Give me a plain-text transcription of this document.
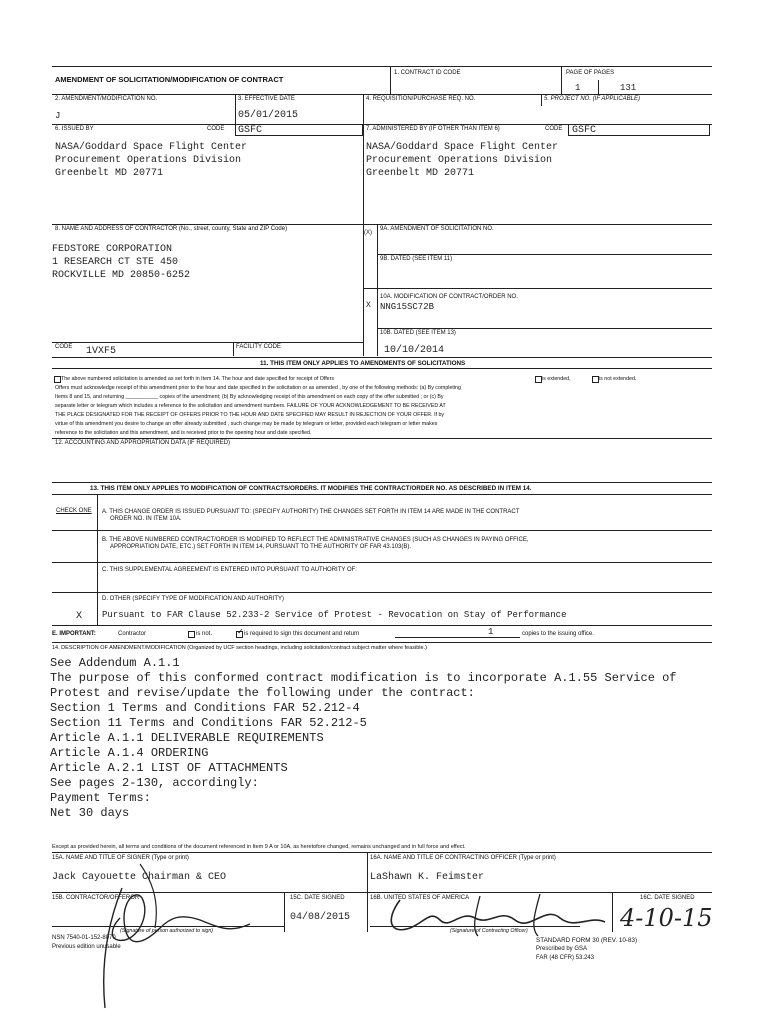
AMENDMENT OF SOLICITATION/MODIFICATION OF CONTRACT
1. CONTRACT ID CODE	PAGE OF PAGES
1	131
2. AMENDMENT/MODIFICATION NO.
J
3. EFFECTIVE DATE
05/01/2015
4. REQUISITION/PURCHASE REQ. NO.	5. PROJECT NO. (IF APPLICABLE)
6. ISSUED BY	CODE GSFC
NASA/Goddard Space Flight Center
Procurement Operations Division
Greenbelt MD 20771
7. ADMINISTERED BY (IF OTHER THAN ITEM 6)	CODE GSFC
NASA/Goddard Space Flight Center
Procurement Operations Division
Greenbelt MD 20771
8. NAME AND ADDRESS OF CONTRACTOR (No., street, county, State and ZIP Code)
FEDSTORE CORPORATION
1 RESEARCH CT STE 450
ROCKVILLE MD 20850-6252
(X)
9A. AMENDMENT OF SOLICITATION NO.
9B. DATED (SEE ITEM 11)
10A. MODIFICATION OF CONTRACT/ORDER NO.
X NNG15SC72B
10B. DATED (SEE ITEM 13)
10/10/2014
CODE 1VXF5	FACILITY CODE
11. THIS ITEM ONLY APPLIES TO AMENDMENTS OF SOLICITATIONS
The above numbered solicitation is amended as set forth in Item 14. The hour and date specified for receipt of Offers	is extended,	is not extended.
Offers must acknowledge receipt of this amendment prior to the hour and date specified in the solicitation or as amended , by one of the following methods: (a) By completing
Items 8 and 15, and returning ___________ copies of the amendment; (b) By acknowledging receipt of this amendment on each copy of the offer submitted ; or (c) By
separate letter or telegram which includes a reference to the solicitation and amendment numbers. FAILURE OF YOUR ACKNOWLEDGEMENT TO BE RECEIVED AT
THE PLACE DESIGNATED FOR THE RECEIPT OF OFFERS PRIOR TO THE HOUR AND DATE SPECIFIED MAY RESULT IN REJECTION OF YOUR OFFER. If by
virtue of this amendment you desire to change an offer already submitted , such change may be made by telegram or letter, provided each telegram or letter makes
reference to the solicitation and this amendment, and is received prior to the opening hour and date specified.
12. ACCOUNTING AND APPROPRIATION DATA (IF REQUIRED)
13. THIS ITEM ONLY APPLIES TO MODIFICATION OF CONTRACTS/ORDERS. IT MODIFIES THE CONTRACT/ORDER NO. AS DESCRIBED IN ITEM 14.
CHECK ONE A. THIS CHANGE ORDER IS ISSUED PURSUANT TO: (SPECIFY AUTHORITY) THE CHANGES SET FORTH IN ITEM 14 ARE MADE IN THE CONTRACT
ORDER NO. IN ITEM 10A.
B. THE ABOVE NUMBERED CONTRACT/ORDER IS MODIFIED TO REFLECT THE ADMINISTRATIVE CHANGES (SUCH AS CHANGES IN PAYING OFFICE,
APPROPRIATION DATE, ETC.) SET FORTH IN ITEM 14, PURSUANT TO THE AUTHORITY OF FAR 43.103(B).
C. THIS SUPPLEMENTAL AGREEMENT IS ENTERED INTO PURSUANT TO AUTHORITY OF:
D. OTHER (SPECIFY TYPE OF MODIFICATION AND AUTHORITY)
X Pursuant to FAR Clause 52.233-2 Service of Protest - Revocation on Stay of Performance
E. IMPORTANT:	Contractor	is not.	✓ is required to sign this document and return	1	copies to the issuing office.
14. DESCRIPTION OF AMENDMENT/MODIFICATION (Organized by UCF section headings, including solicitation/contract subject matter where feasible.)
See Addendum A.1.1
The purpose of this conformed contract modification is to incorporate A.1.55 Service of
Protest and revise/update the following under the contract:
Section 1 Terms and Conditions FAR 52.212-4
Section 11 Terms and Conditions FAR 52.212-5
Article A.1.1 DELIVERABLE REQUIREMENTS
Article A.1.4 ORDERING
Article A.2.1 LIST OF ATTACHMENTS
See pages 2-130, accordingly:
Payment Terms:
Net 30 days
Except as provided herein, all terms and conditions of the document referenced in Item 9 A or 10A, as heretofore changed, remains unchanged and in full force and effect.
15A. NAME AND TITLE OF SIGNER (Type or print)
Jack Cayouette Chairman & CEO
16A. NAME AND TITLE OF CONTRACTING OFFICER (Type or print)
LaShawn K. Feimster
15B. CONTRACTOR/OFFEROR
(Signature of person authorized to sign)
15C. DATE SIGNED
04/08/2015
16B. UNITED STATES OF AMERICA
(Signature of Contracting Officer)
16C. DATE SIGNED
4-10-15
NSN 7540-01-152-8070
Previous edition unusable
STANDARD FORM 30 (REV. 10-83)
Prescribed by GSA
FAR (48 CFR) 53.243
